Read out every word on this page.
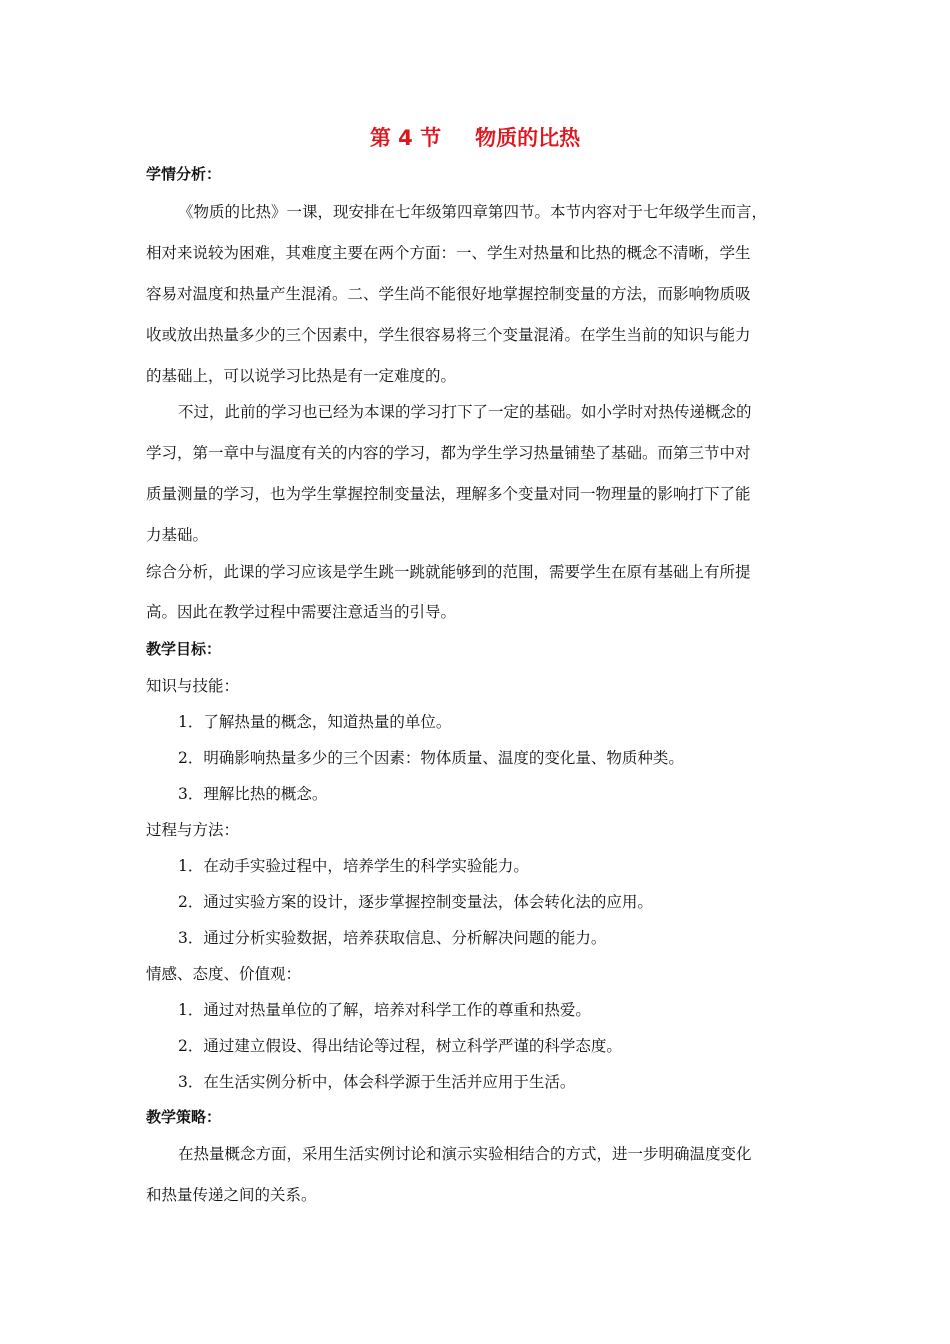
第 4 节 物质的比热
学情分析：
《物质的比热》一课，现安排在七年级第四章第四节。本节内容对于七年级学生而言，
相对来说较为困难，其难度主要在两个方面：一、学生对热量和比热的概念不清晰，学生
容易对温度和热量产生混淆。二、学生尚不能很好地掌握控制变量的方法，而影响物质吸
收或放出热量多少的三个因素中，学生很容易将三个变量混淆。在学生当前的知识与能力
的基础上，可以说学习比热是有一定难度的。
不过，此前的学习也已经为本课的学习打下了一定的基础。如小学时对热传递概念的
学习，第一章中与温度有关的内容的学习，都为学生学习热量铺垫了基础。而第三节中对
质量测量的学习，也为学生掌握控制变量法，理解多个变量对同一物理量的影响打下了能
力基础。
综合分析，此课的学习应该是学生跳一跳就能够到的范围，需要学生在原有基础上有所提
高。因此在教学过程中需要注意适当的引导。
教学目标：
知识与技能：
1．了解热量的概念，知道热量的单位。
2．明确影响热量多少的三个因素：物体质量、温度的变化量、物质种类。
3．理解比热的概念。
过程与方法：
1．在动手实验过程中，培养学生的科学实验能力。
2．通过实验方案的设计，逐步掌握控制变量法，体会转化法的应用。
3．通过分析实验数据，培养获取信息、分析解决问题的能力。
情感、态度、价值观：
1．通过对热量单位的了解，培养对科学工作的尊重和热爱。
2．通过建立假设、得出结论等过程，树立科学严谨的科学态度。
3．在生活实例分析中，体会科学源于生活并应用于生活。
教学策略：
在热量概念方面，采用生活实例讨论和演示实验相结合的方式，进一步明确温度变化
和热量传递之间的关系。
